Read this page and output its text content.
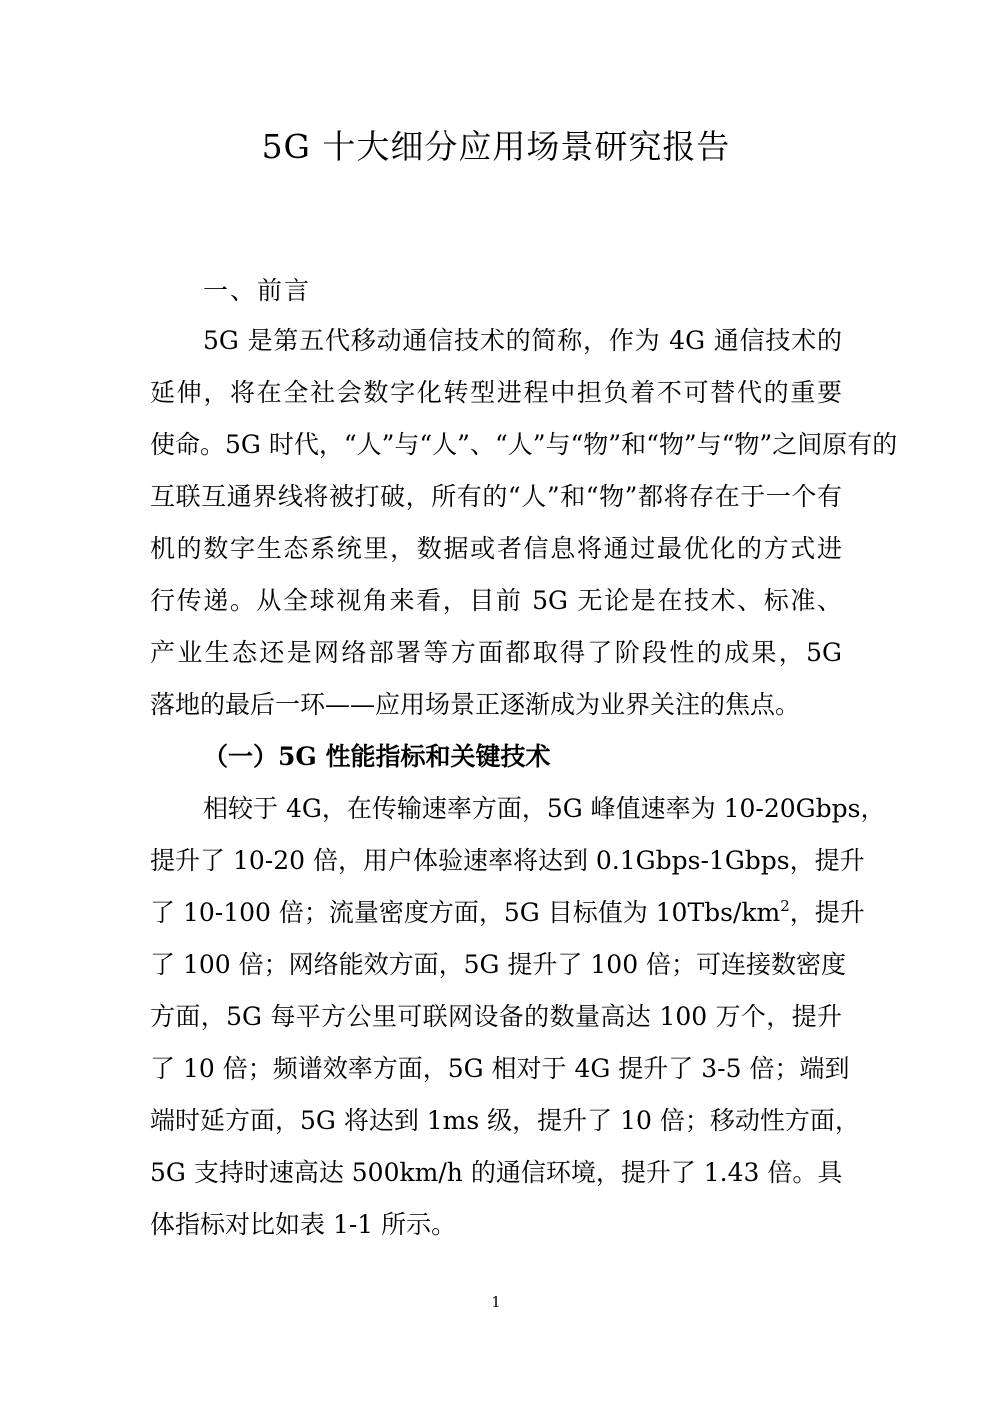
5G 十大细分应用场景研究报告
一、前言
5G 是第五代移动通信技术的简称，作为 4G 通信技术的
延伸，将在全社会数字化转型进程中担负着不可替代的重要
使命。5G 时代，“人”与“人”、“人”与“物”和“物”与“物”之间原有的
互联互通界线将被打破，所有的“人”和“物”都将存在于一个有
机的数字生态系统里，数据或者信息将通过最优化的方式进
行传递。从全球视角来看，目前 5G 无论是在技术、标准、
产业生态还是网络部署等方面都取得了阶段性的成果，5G
落地的最后一环——应用场景正逐渐成为业界关注的焦点。
（一）5G 性能指标和关键技术
相较于 4G，在传输速率方面，5G 峰值速率为 10-20Gbps，
提升了 10-20 倍，用户体验速率将达到 0.1Gbps-1Gbps，提升
了 10-100 倍；流量密度方面，5G 目标值为 $10Tbs/km^2$，提升
了 100 倍；网络能效方面，5G 提升了 100 倍；可连接数密度
方面，5G 每平方公里可联网设备的数量高达 100 万个，提升
了 10 倍；频谱效率方面，5G 相对于 4G 提升了 3-5 倍；端到
端时延方面，5G 将达到 1ms 级，提升了 10 倍；移动性方面，
5G 支持时速高达 500km/h 的通信环境，提升了 1.43 倍。具
体指标对比如表 1-1 所示。
1
